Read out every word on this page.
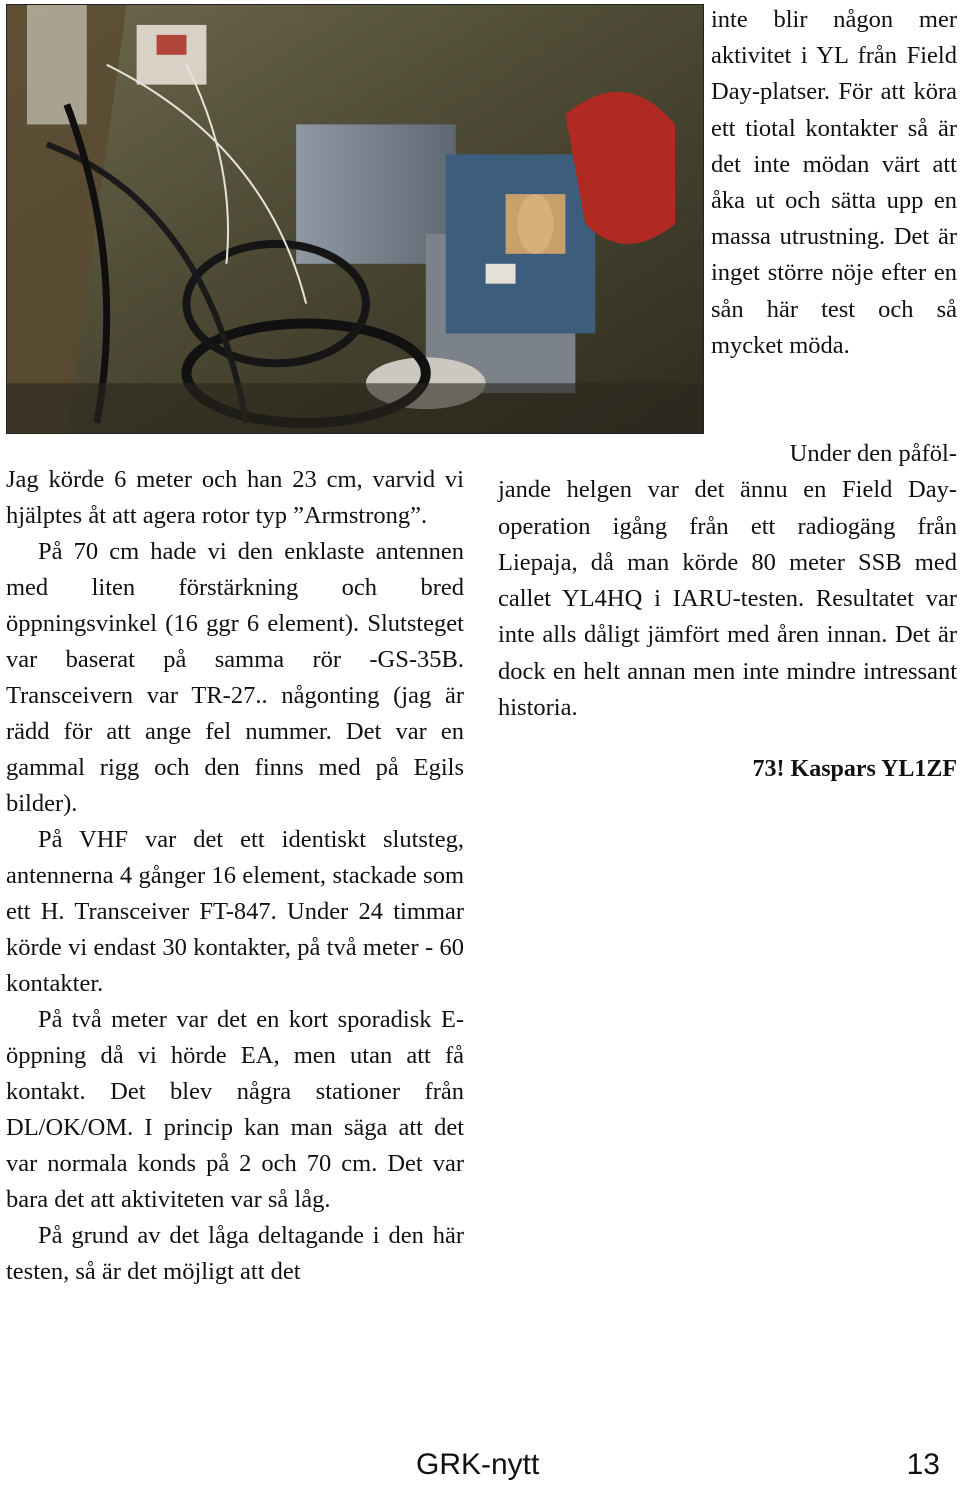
inte blir någon mer aktivitet i YL från Field Day-platser. För att köra ett tiotal kontakter så är det inte mödan värt att åka ut och sätta upp en massa utrustning. Det är inget större nöje efter en sån här test och så mycket möda.

Jag körde 6 meter och han 23 cm, varvid vi hjälptes åt att agera rotor typ ”Armstrong”.

På 70 cm hade vi den enklaste antennen med liten förstärkning och bred öppningsvinkel (16 ggr 6 element). Slutsteget var baserat på samma rör -GS-35B. Transceivern var TR-27.. någonting (jag är rädd för att ange fel nummer. Det var en gammal rigg och den finns med på Egils bilder).

På VHF var det ett identiskt slutsteg, antennerna 4 gånger 16 element, stackade som ett H. Transceiver FT-847. Under 24 timmar körde vi endast 30 kontakter, på två meter - 60 kontakter.

På två meter var det en kort sporadisk E-öppning då vi hörde EA, men utan att få kontakt. Det blev några stationer från DL/OK/OM. I princip kan man säga att det var normala konds på 2 och 70 cm. Det var bara det att aktiviteten var så låg.

På grund av det låga deltagande i den här testen, så är det möjligt att det

Under den påföl-

jande helgen var det ännu en Field Day-operation igång från ett radiogäng från Liepaja, då man körde 80 meter SSB med callet YL4HQ i IARU-testen. Resultatet var inte alls dåligt jämfört med åren innan. Det är dock en helt annan men inte mindre intressant historia.

73! Kaspars YL1ZF
GRK-nytt	13
